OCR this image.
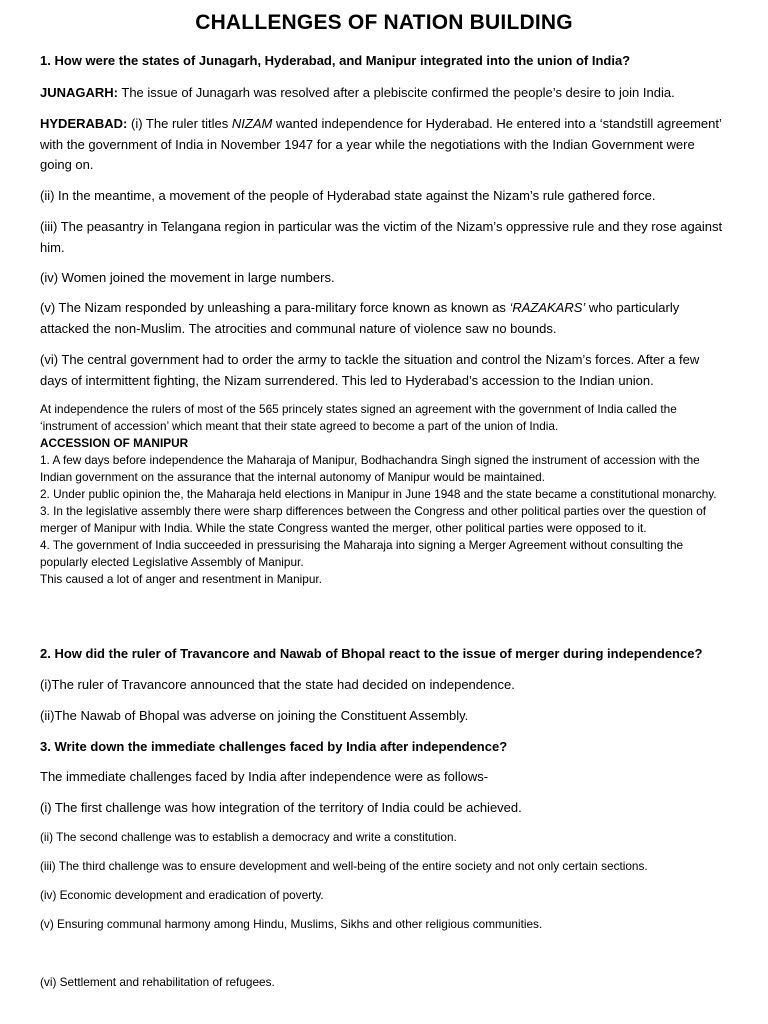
CHALLENGES OF NATION BUILDING
1. How were the states of Junagarh, Hyderabad, and Manipur integrated into the union of India?
JUNAGARH: The issue of Junagarh was resolved after a plebiscite confirmed the people’s desire to join India.
HYDERABAD: (i) The ruler titles NIZAM wanted independence for Hyderabad. He entered into a ‘standstill agreement’ with the government of India in November 1947 for a year while the negotiations with the Indian Government were going on.
(ii) In the meantime, a movement of the people of Hyderabad state against the Nizam’s rule gathered force.
(iii) The peasantry in Telangana region in particular was the victim of the Nizam’s oppressive rule and they rose against him.
(iv) Women joined the movement in large numbers.
(v) The Nizam responded by unleashing a para-military force known as known as ‘RAZAKARS’ who particularly attacked the non-Muslim. The atrocities and communal nature of violence saw no bounds.
(vi) The central government had to order the army to tackle the situation and control the Nizam’s forces. After a few days of intermittent fighting, the Nizam surrendered. This led to Hyderabad’s accession to the Indian union.
At independence the rulers of most of the 565 princely states signed an agreement with the government of India called the ‘instrument of accession’ which meant that their state agreed to become a part of the union of India.
ACCESSION OF MANIPUR
1. A few days before independence the Maharaja of Manipur, Bodhachandra Singh signed the instrument of accession with the Indian government on the assurance that the internal autonomy of Manipur would be maintained.
2. Under public opinion the, the Maharaja held elections in Manipur in June 1948 and the state became a constitutional monarchy.
3. In the legislative assembly there were sharp differences between the Congress and other political parties over the question of merger of Manipur with India. While the state Congress wanted the merger, other political parties were opposed to it.
4. The government of India succeeded in pressurising the Maharaja into signing a Merger Agreement without consulting the popularly elected Legislative Assembly of Manipur.
This caused a lot of anger and resentment in Manipur.
2. How did the ruler of Travancore and Nawab of Bhopal react to the issue of merger during independence?
(i)The ruler of Travancore announced that the state had decided on independence.
(ii)The Nawab of Bhopal was adverse on joining the Constituent Assembly.
3. Write down the immediate challenges faced by India after independence?
The immediate challenges faced by India after independence were as follows-
(i) The first challenge was how integration of the territory of India could be achieved.
(ii) The second challenge was to establish a democracy and write a constitution.
(iii) The third challenge was to ensure development and well-being of the entire society and not only certain sections.
(iv) Economic development and eradication of poverty.
(v) Ensuring communal harmony among Hindu, Muslims, Sikhs and other religious communities.
(vi) Settlement and rehabilitation of refugees.
